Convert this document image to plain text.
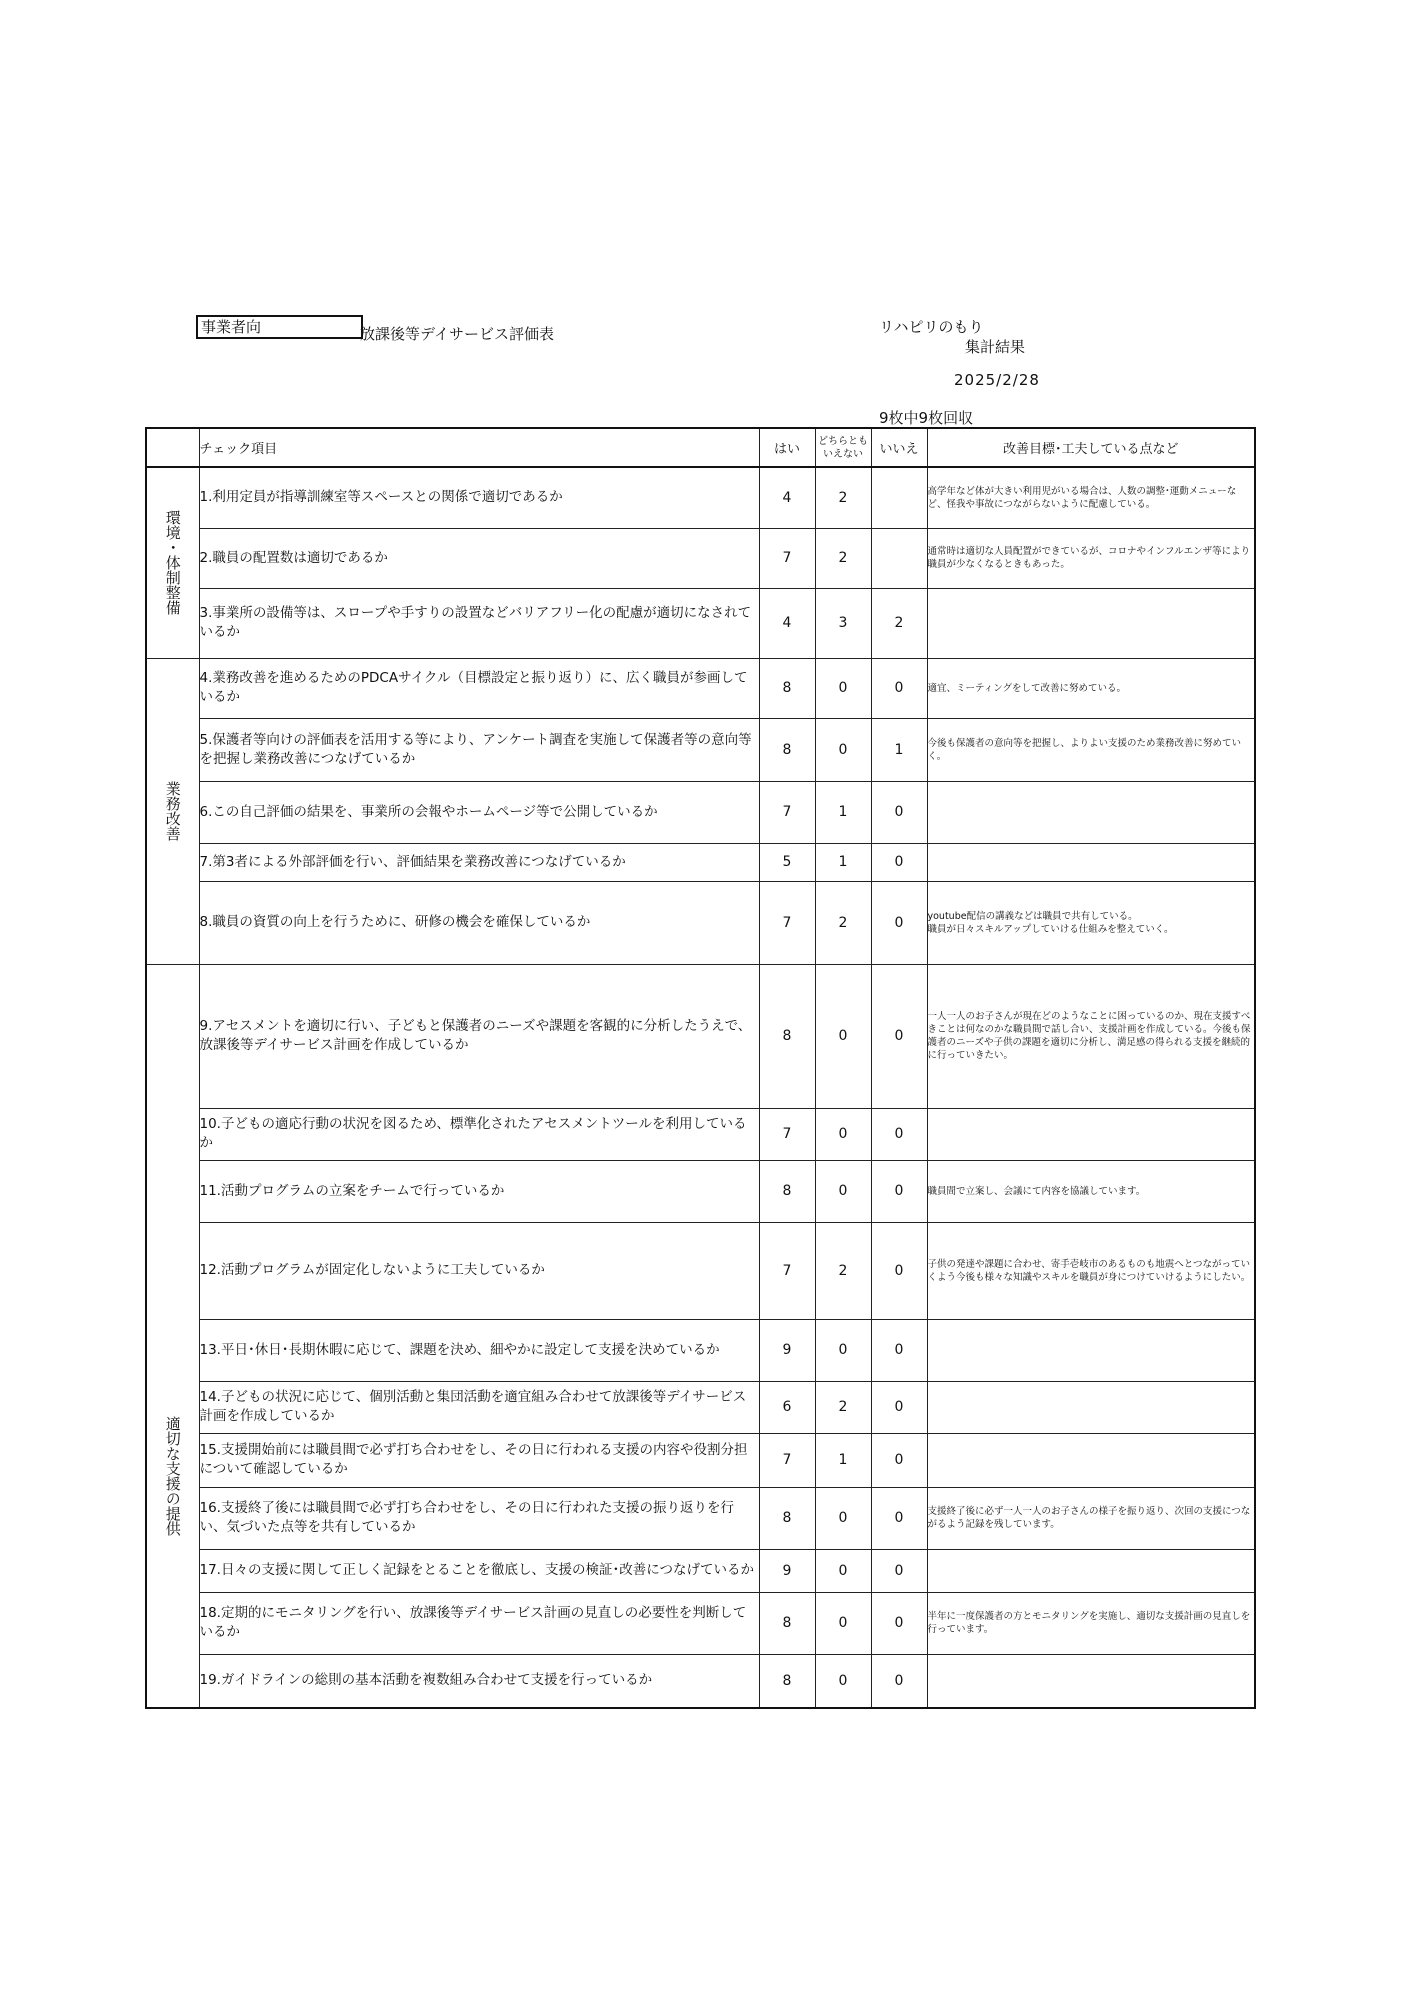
事業者向	放課後等デイサービス評価表	リハピリのもり
集計結果
2025/2/28
9枚中9枚回収
	チェック項目	はい	どちらとも
いえない	いいえ	改善目標･工夫している点など

環境・体制整備	1.利用定員が指導訓練室等スペースとの関係で適切であるか	4	2		高学年など体が大きい利用児がいる場合は、人数の調整･運動メニューなど、怪我や事故につながらないように配慮している。
	2.職員の配置数は適切であるか	7	2		通常時は適切な人員配置ができているが、コロナやインフルエンザ等により職員が少なくなるときもあった。
	3.事業所の設備等は、スロープや手すりの設置などバリアフリー化の配慮が適切になされているか	4	3	2	

業務改善	4.業務改善を進めるためのPDCAサイクル（目標設定と振り返り）に、広く職員が参画しているか	8	0	0	適宜、ミーティングをして改善に努めている。
	5.保護者等向けの評価表を活用する等により、アンケート調査を実施して保護者等の意向等を把握し業務改善につなげているか	8	0	1	今後も保護者の意向等を把握し、よりよい支援のため業務改善に努めていく。
	6.この自己評価の結果を、事業所の会報やホームページ等で公開しているか	7	1	0	
	7.第3者による外部評価を行い、評価結果を業務改善につなげているか	5	1	0	
	8.職員の資質の向上を行うために、研修の機会を確保しているか	7	2	0	youtube配信の講義などは職員で共有している。
職員が日々スキルアップしていける仕組みを整えていく。

適切な支援の提供	9.アセスメントを適切に行い、子どもと保護者のニーズや課題を客観的に分析したうえで、放課後等デイサービス計画を作成しているか	8	0	0	一人一人のお子さんが現在どのようなことに困っているのか、現在支援すべきことは何なのかな職員間で話し合い、支援計画を作成している。今後も保護者のニーズや子供の課題を適切に分析し、満足感の得られる支援を継続的に行っていきたい。
	10.子どもの適応行動の状況を図るため、標準化されたアセスメントツールを利用しているか	7	0	0	
	11.活動プログラムの立案をチームで行っているか	8	0	0	職員間で立案し、会議にて内容を協議しています。
	12.活動プログラムが固定化しないように工夫しているか	7	2	0	子供の発達や課題に合わせ、寄手壱岐市のあるものも地震へとつながっていくよう今後も様々な知識やスキルを職員が身につけていけるようにしたい。
	13.平日･休日･長期休暇に応じて、課題を決め、細やかに設定して支援を決めているか	9	0	0	
	14.子どもの状況に応じて、個別活動と集団活動を適宜組み合わせて放課後等デイサービス計画を作成しているか	6	2	0	
	15.支援開始前には職員間で必ず打ち合わせをし、その日に行われる支援の内容や役割分担について確認しているか	7	1	0	
	16.支援終了後には職員間で必ず打ち合わせをし、その日に行われた支援の振り返りを行い、気づいた点等を共有しているか	8	0	0	支援終了後に必ず一人一人のお子さんの様子を振り返り、次回の支援につながるよう記録を残しています。
	17.日々の支援に関して正しく記録をとることを徹底し、支援の検証･改善につなげているか	9	0	0	
	18.定期的にモニタリングを行い、放課後等デイサービス計画の見直しの必要性を判断しているか	8	0	0	半年に一度保護者の方とモニタリングを実施し、適切な支援計画の見直しを行っています。
	19.ガイドラインの総則の基本活動を複数組み合わせて支援を行っているか	8	0	0	
